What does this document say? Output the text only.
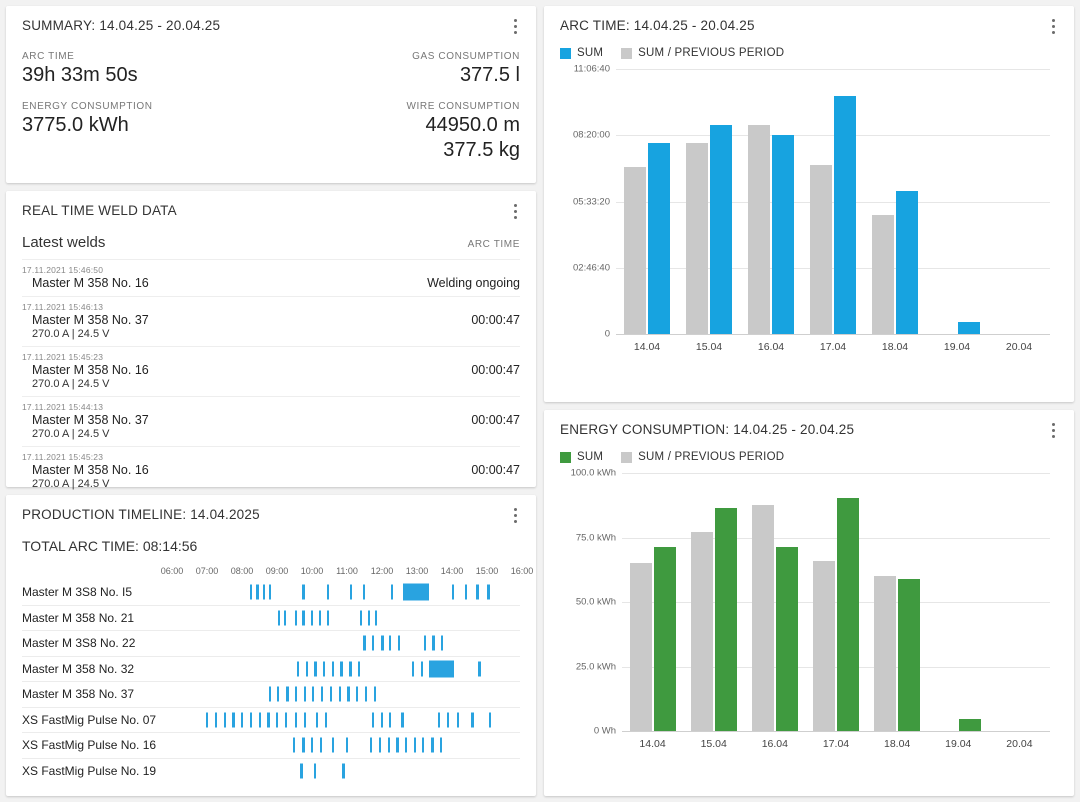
SUMMARY: 14.04.25 - 20.04.25
ARC TIME
39h 33m 50s
GAS CONSUMPTION
377.5 l
ENERGY CONSUMPTION
3775.0 kWh
WIRE CONSUMPTION
44950.0 m
377.5 kg
REAL TIME WELD DATA
Latest welds	ARC TIME
17.11.2021 15:46:50
Master M 358 No. 16	Welding ongoing
17.11.2021 15:46:13
Master M 358 No. 37
270.0 A | 24.5 V
00:00:47
17.11.2021 15:45:23
Master M 358 No. 16
270.0 A | 24.5 V
00:00:47
17.11.2021 15:44:13
Master M 358 No. 37
270.0 A | 24.5 V
00:00:47
17.11.2021 15:45:23
Master M 358 No. 16
270.0 A | 24.5 V
00:00:47
PRODUCTION TIMELINE: 14.04.2025
TOTAL ARC TIME: 08:14:56
06:00 07:00 08:00 09:00 10:00 11:00 12:00 13:00 14:00 15:00 16:00
Master M 3S8 No. I5
Master M 358 No. 21
Master M 3S8 No. 22
Master M 358 No. 32
Master M 358 No. 37
XS FastMig Pulse No. 07
XS FastMig Pulse No. 16
XS FastMig Pulse No. 19
ARC TIME: 14.04.25 - 20.04.25
SUM	SUM / PREVIOUS PERIOD
0
02:46:40
05:33:20
08:20:00
11:06:40
14.04	15.04	16.04	17.04	18.04	19.04	20.04
ENERGY CONSUMPTION: 14.04.25 - 20.04.25
SUM	SUM / PREVIOUS PERIOD
0 Wh
25.0 kWh
50.0 kWh
75.0 kWh
100.0 kWh
14.04	15.04	16.04	17.04	18.04	19.04	20.04
